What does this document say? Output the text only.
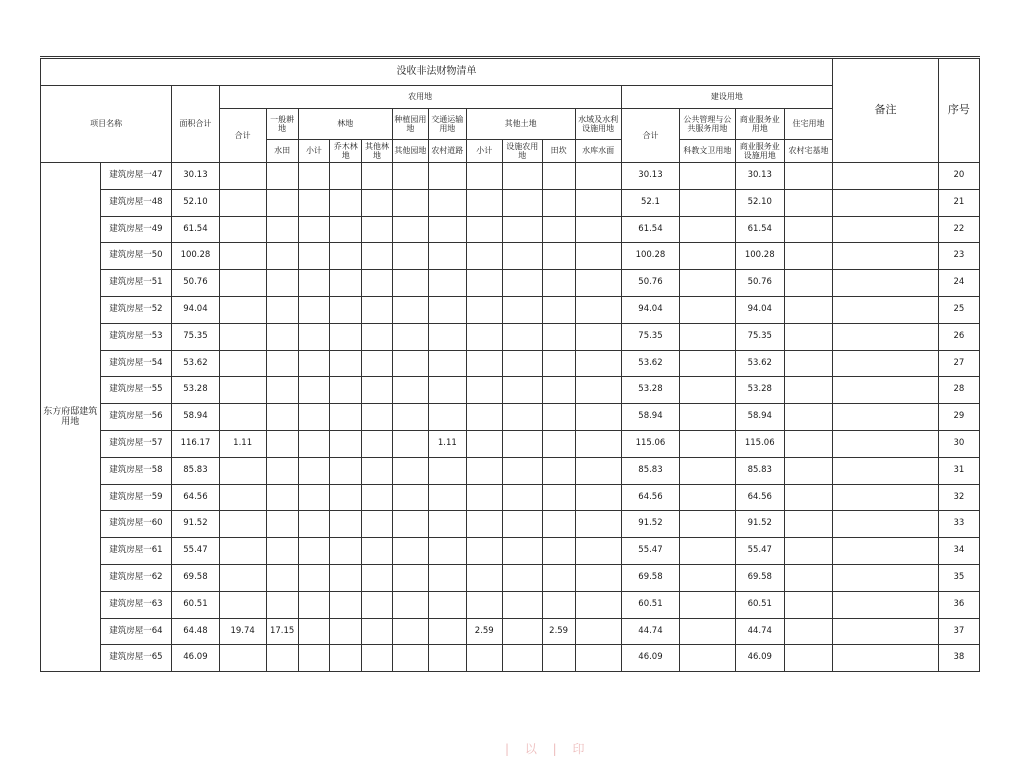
没收非法财物清单																		备注	序号
项目名称		面积合计	农用地											建设用地					
			合计	一般耕地	林地			种植园用地	交通运输用地	其他土地			水域及水利设施用地	合计	公共管理与公共服务用地	商业服务业用地	住宅用地		
				水田	小计	乔木林地	其他林地	其他园地	农村道路	小计	设施农用地	田坎	水库水面		科教文卫用地	商业服务业设施用地	农村宅基地		
东方府邸建筑用地	建筑房屋一47	30.13												30.13		30.13			20
	建筑房屋一48	52.10												52.1		52.10			21
	建筑房屋一49	61.54												61.54		61.54			22
	建筑房屋一50	100.28												100.28		100.28			23
	建筑房屋一51	50.76												50.76		50.76			24
	建筑房屋一52	94.04												94.04		94.04			25
	建筑房屋一53	75.35												75.35		75.35			26
	建筑房屋一54	53.62												53.62		53.62			27
	建筑房屋一55	53.28												53.28		53.28			28
	建筑房屋一56	58.94												58.94		58.94			29
	建筑房屋一57	116.17	1.11						1.11					115.06		115.06			30
	建筑房屋一58	85.83												85.83		85.83			31
	建筑房屋一59	64.56												64.56		64.56			32
	建筑房屋一60	91.52												91.52		91.52			33
	建筑房屋一61	55.47												55.47		55.47			34
	建筑房屋一62	69.58												69.58		69.58			35
	建筑房屋一63	60.51												60.51		60.51			36
	建筑房屋一64	64.48	19.74	17.15						2.59		2.59		44.74		44.74			37
	建筑房屋一65	46.09												46.09		46.09			38
| 以 | 印
